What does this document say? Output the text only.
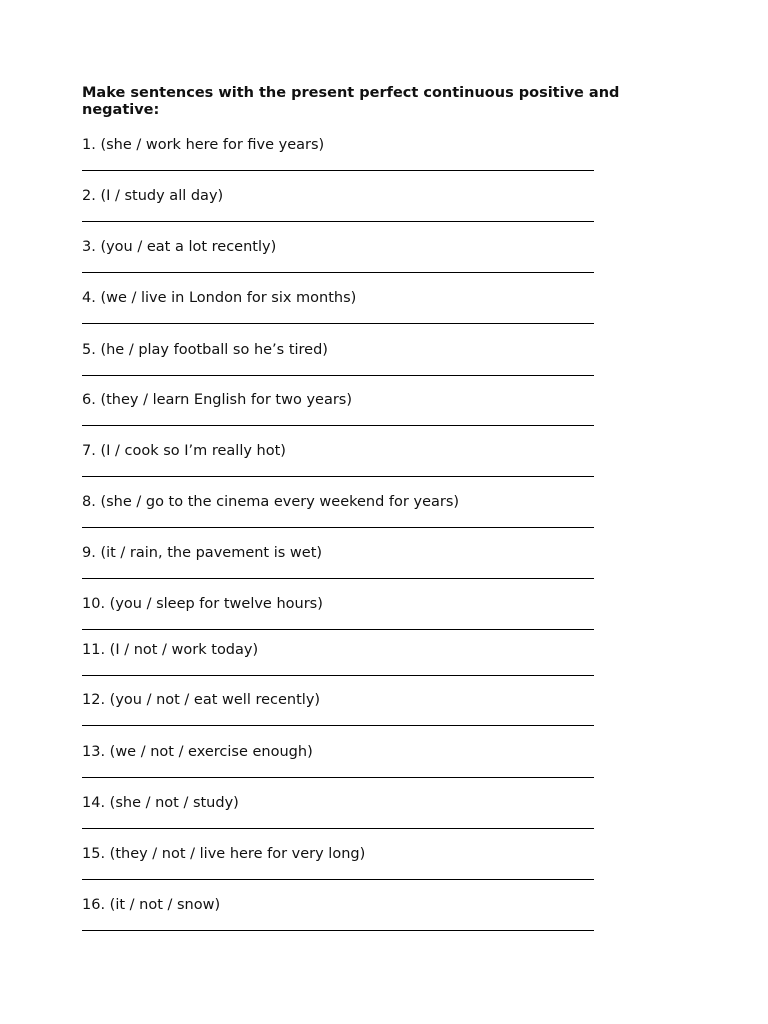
Make sentences with the present perfect continuous positive and negative:
1. (she / work here for five years)
2. (I / study all day)
3. (you / eat a lot recently)
4. (we / live in London for six months)
5. (he / play football so he’s tired)
6. (they / learn English for two years)
7. (I / cook so I’m really hot)
8. (she / go to the cinema every weekend for years)
9. (it / rain, the pavement is wet)
10. (you / sleep for twelve hours)
11. (I / not / work today)
12. (you / not / eat well recently)
13. (we / not / exercise enough)
14. (she / not / study)
15. (they / not / live here for very long)
16. (it / not / snow)
